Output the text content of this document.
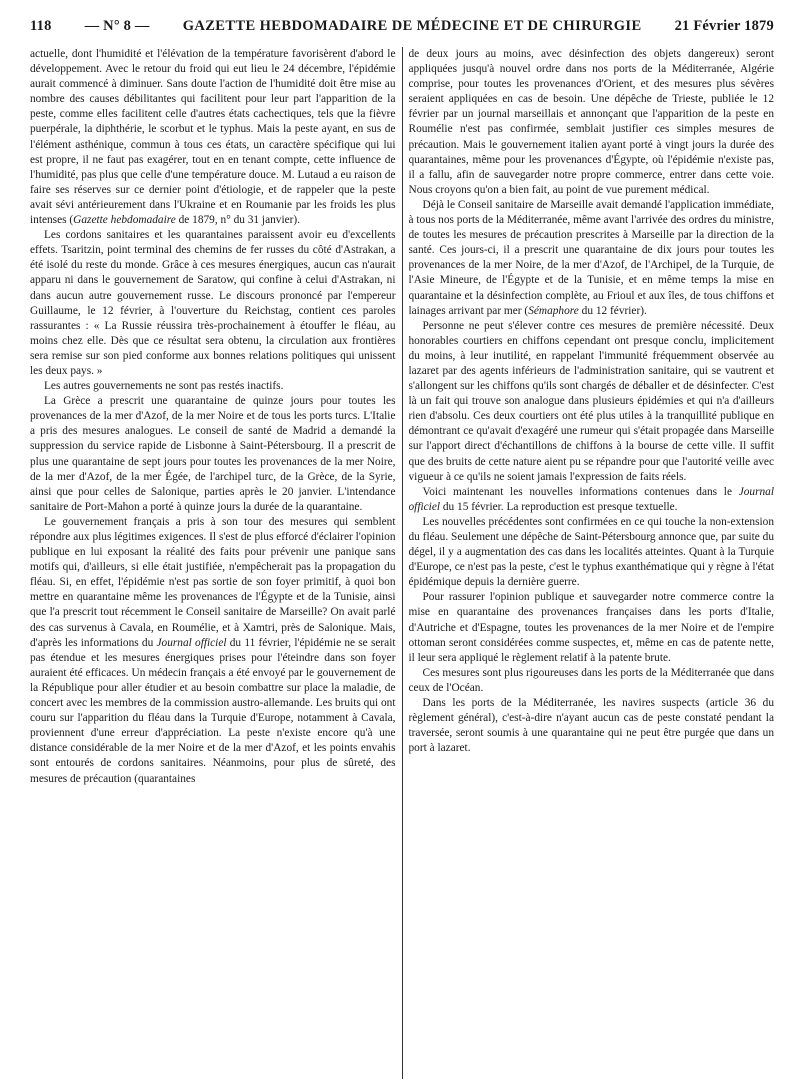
118 — N° 8 — GAZETTE HEBDOMADAIRE DE MÉDECINE ET DE CHIRURGIE 21 Février 1879

actuelle, dont l'humidité et l'élévation de la température favorisèrent d'abord le développement. Avec le retour du froid qui eut lieu le 24 décembre, l'épidémie aurait commencé à diminuer. Sans doute l'action de l'humidité doit être mise au nombre des causes débilitantes qui facilitent pour leur part l'apparition de la peste, comme elles facilitent celle d'autres états cachectiques, tels que la fièvre puerpérale, la diphthérie, le scorbut et le typhus. Mais la peste ayant, en sus de l'élément asthénique, commun à tous ces états, un caractère spécifique qui lui est propre, il ne faut pas exagérer, tout en en tenant compte, cette influence de l'humidité, pas plus que celle d'une température douce. M. Lutaud a eu raison de faire ses réserves sur ce dernier point d'étiologie, et de rappeler que la peste avait sévi antérieurement dans l'Ukraine et en Roumanie par les froids les plus intenses (Gazette hebdomadaire de 1879, n° du 31 janvier).

Les cordons sanitaires et les quarantaines paraissent avoir eu d'excellents effets. Tsaritzin, point terminal des chemins de fer russes du côté d'Astrakan, a été isolé du reste du monde. Grâce à ces mesures énergiques, aucun cas n'aurait apparu ni dans le gouvernement de Saratow, qui confine à celui d'Astrakan, ni dans aucun autre gouvernement russe. Le discours prononcé par l'empereur Guillaume, le 12 février, à l'ouverture du Reichstag, contient ces paroles rassurantes : « La Russie réussira très-prochainement à étouffer le fléau, au moins chez elle. Dès que ce résultat sera obtenu, la circulation aux frontières sera remise sur son pied conforme aux bonnes relations politiques qui unissent les deux pays. »

Les autres gouvernements ne sont pas restés inactifs.

La Grèce a prescrit une quarantaine de quinze jours pour toutes les provenances de la mer d'Azof, de la mer Noire et de tous les ports turcs. L'Italie a pris des mesures analogues. Le conseil de santé de Madrid a demandé la suppression du service rapide de Lisbonne à Saint-Pétersbourg. Il a prescrit de plus une quarantaine de sept jours pour toutes les provenances de la mer Noire, de la mer d'Azof, de la mer Égée, de l'archipel turc, de la Grèce, de la Syrie, ainsi que pour celles de Salonique, parties après le 20 janvier. L'intendance sanitaire de Port-Mahon a porté à quinze jours la durée de la quarantaine.

Le gouvernement français a pris à son tour des mesures qui semblent répondre aux plus légitimes exigences. Il s'est de plus efforcé d'éclairer l'opinion publique en lui exposant la réalité des faits pour prévenir une panique sans motifs qui, d'ailleurs, si elle était justifiée, n'empêcherait pas la propagation du fléau. Si, en effet, l'épidémie n'est pas sortie de son foyer primitif, à quoi bon mettre en quarantaine même les provenances de l'Égypte et de la Tunisie, ainsi que l'a prescrit tout récemment le Conseil sanitaire de Marseille? On avait parlé des cas survenus à Cavala, en Roumélie, et à Xamtri, près de Salonique. Mais, d'après les informations du Journal officiel du 11 février, l'épidémie ne se serait pas étendue et les mesures énergiques prises pour l'éteindre dans son foyer auraient été efficaces. Un médecin français a été envoyé par le gouvernement de la République pour aller étudier et au besoin combattre sur place la maladie, de concert avec les membres de la commission austro-allemande. Les bruits qui ont couru sur l'apparition du fléau dans la Turquie d'Europe, notamment à Cavala, proviennent d'une erreur d'appréciation. La peste n'existe encore qu'à une distance considérable de la mer Noire et de la mer d'Azof, et les points envahis sont entourés de cordons sanitaires. Néanmoins, pour plus de sûreté, des mesures de précaution (quarantaines

de deux jours au moins, avec désinfection des objets dangereux) seront appliquées jusqu'à nouvel ordre dans nos ports de la Méditerranée, Algérie comprise, pour toutes les provenances d'Orient, et des mesures plus sévères seraient appliquées en cas de besoin. Une dépêche de Trieste, publiée le 12 février par un journal marseillais et annonçant que l'apparition de la peste en Roumélie n'est pas confirmée, semblait justifier ces simples mesures de précaution. Mais le gouvernement italien ayant porté à vingt jours la durée des quarantaines, même pour les provenances d'Égypte, où l'épidémie n'existe pas, il a fallu, afin de sauvegarder notre propre commerce, entrer dans cette voie. Nous croyons qu'on a bien fait, au point de vue purement médical.

Déjà le Conseil sanitaire de Marseille avait demandé l'application immédiate, à tous nos ports de la Méditerranée, même avant l'arrivée des ordres du ministre, de toutes les mesures de précaution prescrites à Marseille par la direction de la santé. Ces jours-ci, il a prescrit une quarantaine de dix jours pour toutes les provenances de la mer Noire, de la mer d'Azof, de l'Archipel, de la Turquie, de l'Asie Mineure, de l'Égypte et de la Tunisie, et en même temps la mise en quarantaine et la désinfection complète, au Frioul et aux îles, de tous chiffons et lainages arrivant par mer (Sémaphore du 12 février).

Personne ne peut s'élever contre ces mesures de première nécessité. Deux honorables courtiers en chiffons cependant ont presque conclu, implicitement du moins, à leur inutilité, en rappelant l'immunité fréquemment observée au lazaret par des agents inférieurs de l'administration sanitaire, qui se vautrent et s'allongent sur les chiffons qu'ils sont chargés de déballer et de désinfecter. C'est là un fait qui trouve son analogue dans plusieurs épidémies et qui n'a d'ailleurs rien d'absolu. Ces deux courtiers ont été plus utiles à la tranquillité publique en démontrant ce qu'avait d'exagéré une rumeur qui s'était propagée dans Marseille sur l'apport direct d'échantillons de chiffons à la bourse de cette ville. Il suffit que des bruits de cette nature aient pu se répandre pour que l'autorité veille avec vigueur à ce qu'ils ne soient jamais l'expression de faits réels.

Voici maintenant les nouvelles informations contenues dans le Journal officiel du 15 février. La reproduction est presque textuelle.

Les nouvelles précédentes sont confirmées en ce qui touche la non-extension du fléau. Seulement une dépêche de Saint-Pétersbourg annonce que, par suite du dégel, il y a augmentation des cas dans les localités atteintes. Quant à la Turquie d'Europe, ce n'est pas la peste, c'est le typhus exanthématique qui y règne à l'état épidémique depuis la dernière guerre.

Pour rassurer l'opinion publique et sauvegarder notre commerce contre la mise en quarantaine des provenances françaises dans les ports d'Italie, d'Autriche et d'Espagne, toutes les provenances de la mer Noire et de l'empire ottoman seront considérées comme suspectes, et, même en cas de patente nette, il leur sera appliqué le règlement relatif à la patente brute.

Ces mesures sont plus rigoureuses dans les ports de la Méditerranée que dans ceux de l'Océan.

Dans les ports de la Méditerranée, les navires suspects (article 36 du règlement général), c'est-à-dire n'ayant aucun cas de peste constaté pendant la traversée, seront soumis à une quarantaine qui ne peut être purgée que dans un port à lazaret.
